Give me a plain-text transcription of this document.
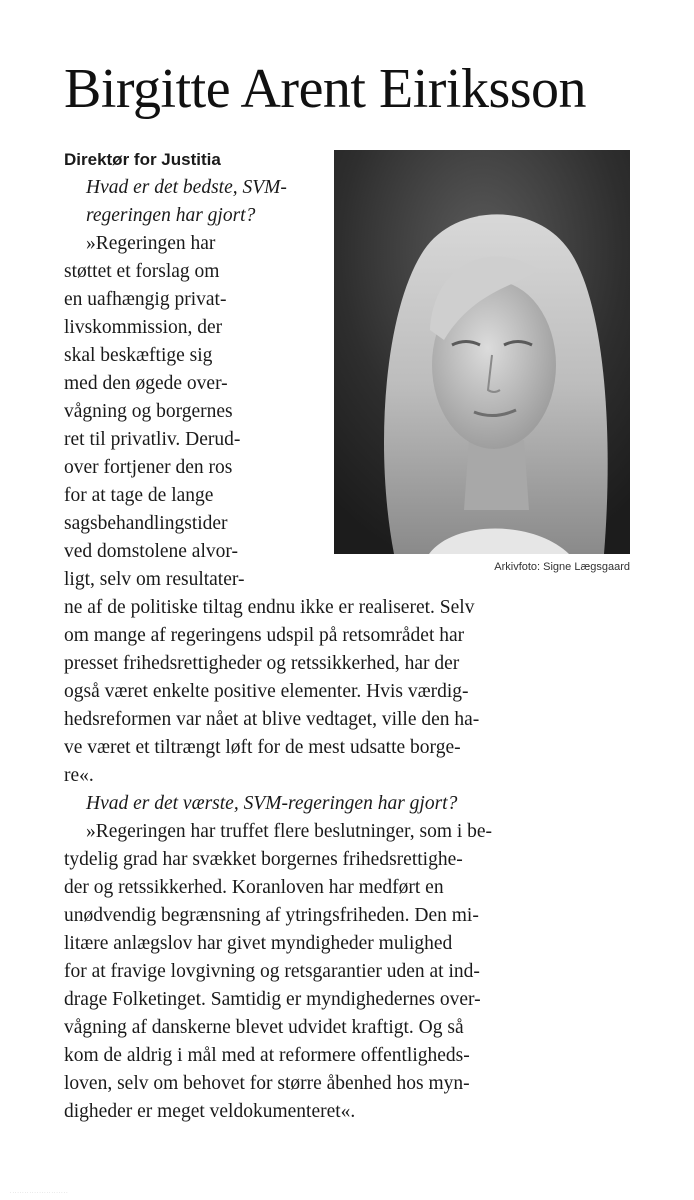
Birgitte Arent Eiriksson
Arkivfoto: Signe Lægsgaard
Direktør for Justitia
Hvad er det bedste, SVM-
regeringen har gjort?
»Regeringen har
støttet et forslag om
en uafhængig privat-
livskommission, der
skal beskæftige sig
med den øgede over-
vågning og borgernes
ret til privatliv. Derud-
over fortjener den ros
for at tage de lange
sagsbehandlingstider
ved domstolene alvor-
ligt, selv om resultater-
ne af de politiske tiltag endnu ikke er realiseret. Selv
om mange af regeringens udspil på retsområdet har
presset frihedsrettigheder og retssikkerhed, har der
også været enkelte positive elementer. Hvis værdig-
hedsreformen var nået at blive vedtaget, ville den ha-
ve været et tiltrængt løft for de mest udsatte borge-
re«.
Hvad er det værste, SVM-regeringen har gjort?
»Regeringen har truffet flere beslutninger, som i be-
tydelig grad har svækket borgernes frihedsrettighe-
der og retssikkerhed. Koranloven har medført en
unødvendig begrænsning af ytringsfriheden. Den mi-
litære anlægslov har givet myndigheder mulighed
for at fravige lovgivning og retsgarantier uden at ind-
drage Folketinget. Samtidig er myndighedernes over-
vågning af danskerne blevet udvidet kraftigt. Og så
kom de aldrig i mål med at reformere offentligheds-
loven, selv om behovet for større åbenhed hos myn-
digheder er meget veldokumenteret«.
· · · · · · · · · · · · · · · · · · · · · · · ·
